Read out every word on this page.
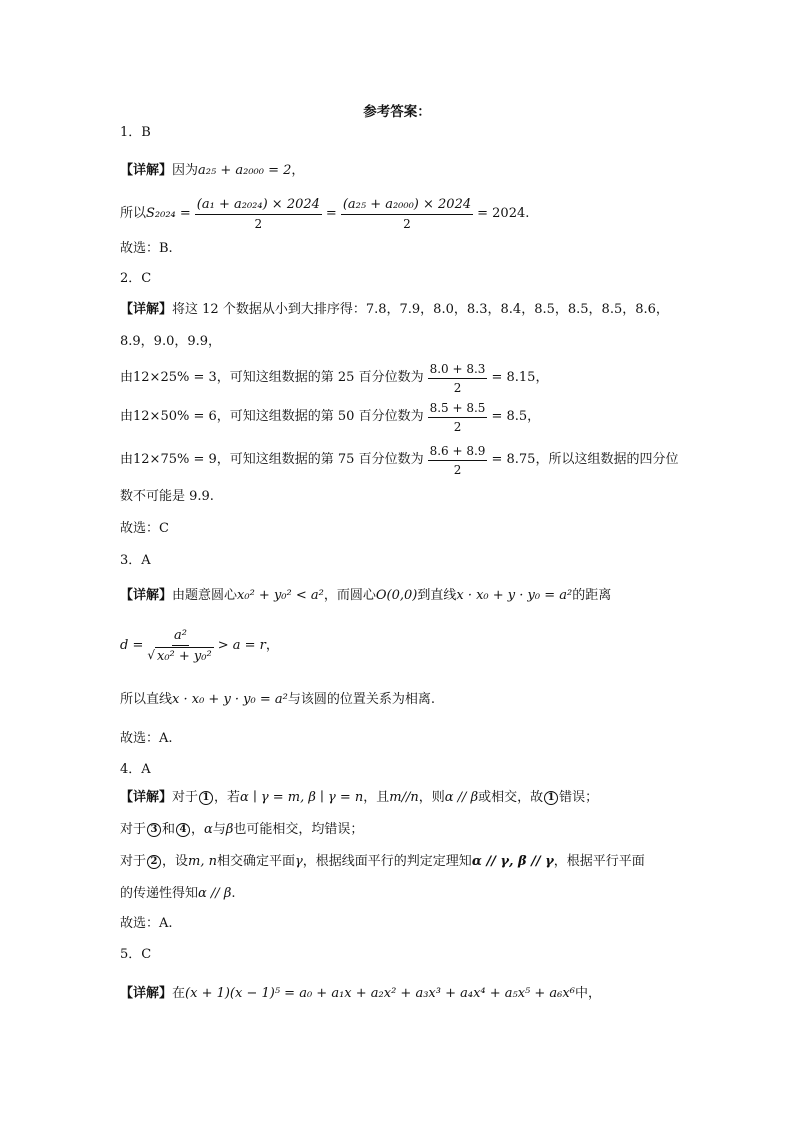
参考答案：
1．B
【详解】 因为 a₂₅ + a₂₀₀₀ = 2 ，
所以 $S_{2024} = \frac{\text{(a₁ + a₂₀₂₄) × 2024}}{2} = \frac{\text{(a₂₅ + a₂₀₀₀) × 2024}}{2} = 2024$ .
故选：B.
2．C
【详解】 将这 12 个数据从小到大排序得：7.8，7.9，8.0，8.3，8.4，8.5，8.5，8.5，8.6，
8.9，9.0，9.9，
由 12×25% = 3 ，可知这组数据的第 25 百分位数为 $\frac{8.0 + 8.3}{2} = 8.15$ ，
由 12×50% = 6 ，可知这组数据的第 50 百分位数为 $\frac{8.5 + 8.5}{2} = 8.5$ ，
由 12×75% = 9 ，可知这组数据的第 75 百分位数为 $\frac{8.6 + 8.9}{2} = 8.75$ ，所以这组数据的四分位
数不可能是 9.9.
故选：C
3．A
【详解】 由题意圆心 x₀² + y₀² < a² ，而圆心 O(0,0) 到直线 x · x₀ + y · y₀ = a² 的距离
$d = \frac{\text{a²}}{\text{√ x₀² + y₀²}} > a = r$ ，
所以直线 x · x₀ + y · y₀ = a² 与该圆的位置关系为相离.
故选：A.
4．A
【详解】 对于 1 ，若 α ∣ γ = m, β ∣ γ = n ，且 m//n ，则 α // β 或相交，故 1 错误；
对于 3 和 4 ， α 与 β 也可能相交，均错误；
对于 2 ，设 m, n 相交确定平面 γ ，根据线面平行的判定定理知 α // γ, β // γ ，根据平行平面
的传递性得知 α // β .
故选：A.
5．C
【详解】 在 (x + 1)(x − 1)⁵ = a₀ + a₁x + a₂x² + a₃x³ + a₄x⁴ + a₅x⁵ + a₆x⁶ 中，
